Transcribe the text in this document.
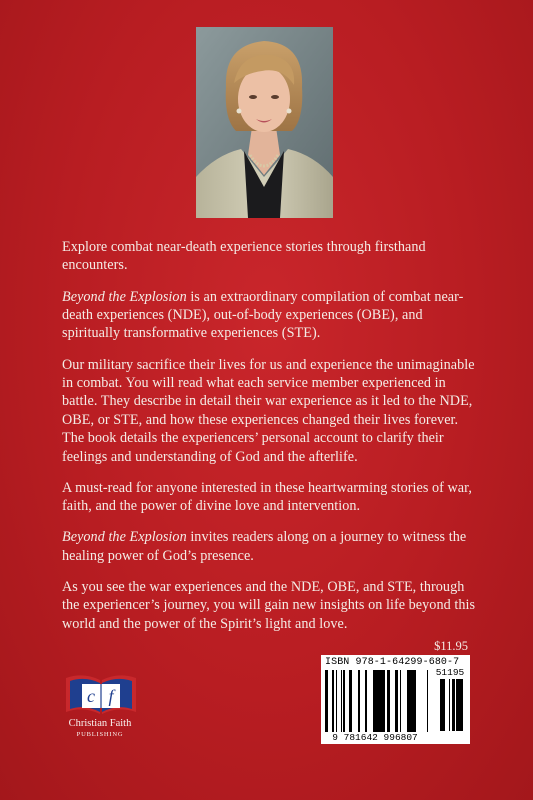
Explore combat near-death experience stories through firsthand encounters.

Beyond the Explosion is an extraordinary compilation of combat near-death experiences (NDE), out-of-body experiences (OBE), and spiritually transformative experiences (STE).

Our military sacrifice their lives for us and experience the unimaginable in combat. You will read what each service member experienced in battle. They describe in detail their war experience as it led to the NDE, OBE, or STE, and how these experiences changed their lives forever. The book details the experiencers’ personal account to clarify their feelings and understanding of God and the afterlife.

A must-read for anyone interested in these heartwarming stories of war, faith, and the power of divine love and intervention.

Beyond the Explosion invites readers along on a journey to witness the healing power of God’s presence.

As you see the war experiences and the NDE, OBE, and STE, through the experiencer’s journey, you will gain new insights on life beyond this world and the power of the Spirit’s light and love.

$11.95
ISBN 978-1-64299-680-7
51195
9 781642 996807
c f
Christian Faith
PUBLISHING
